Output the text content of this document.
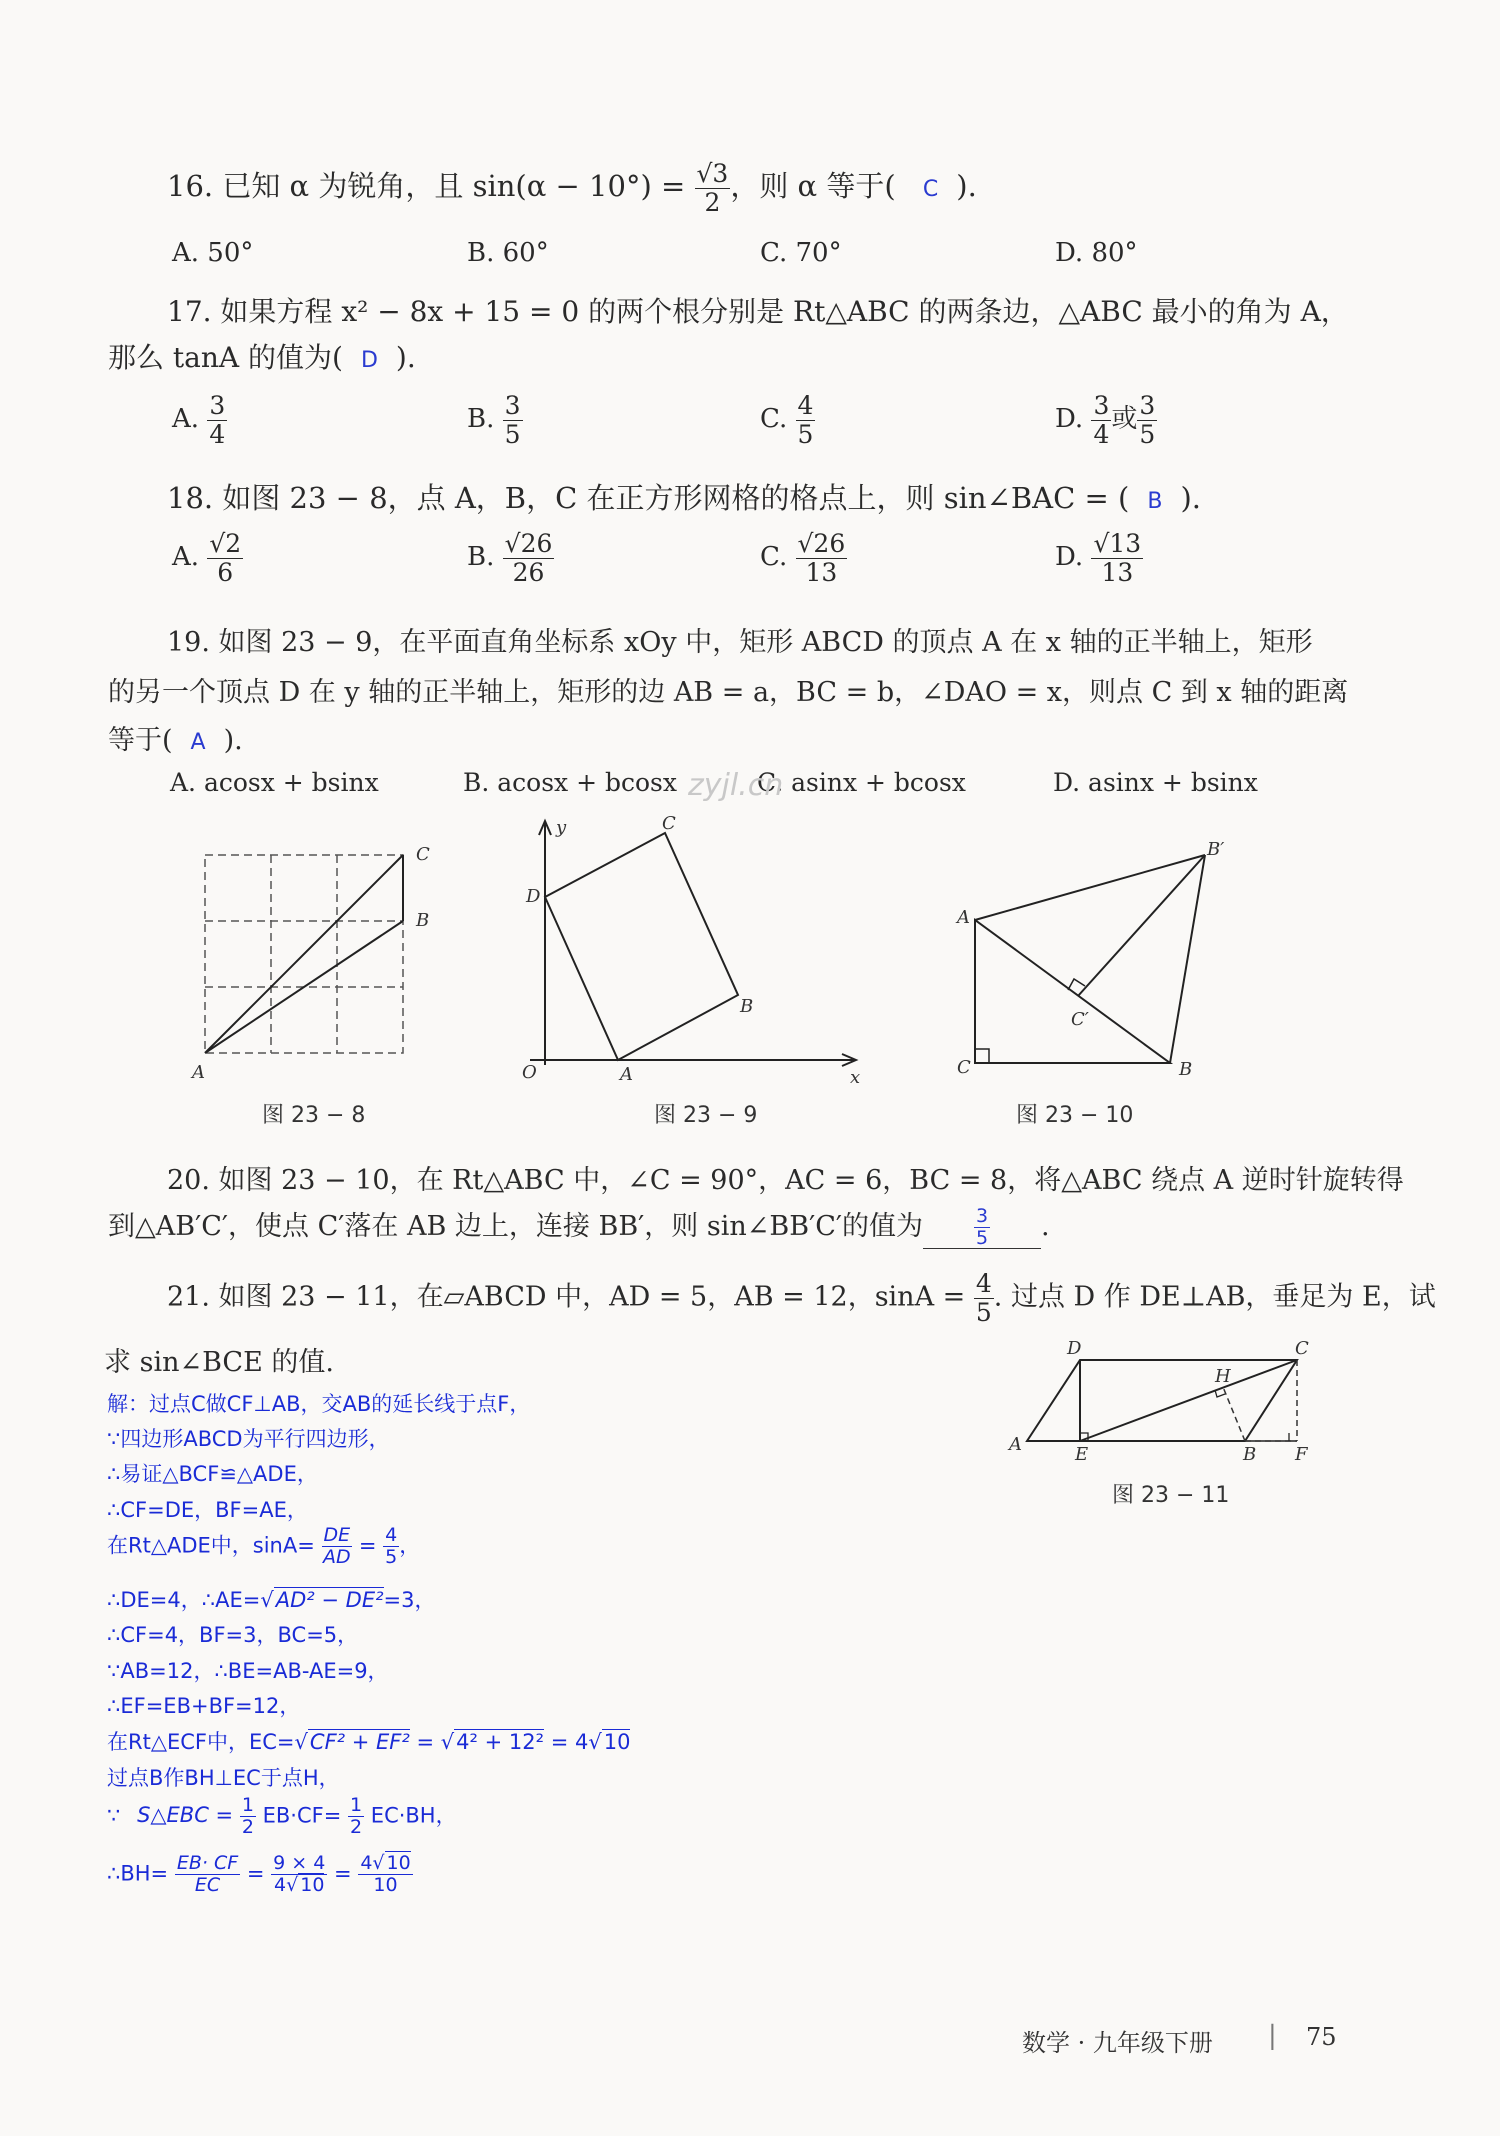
16. 已知 α 为锐角，且 $\sin(\alpha - 10^\circ) = \frac{√3}{2}$ ，则 α 等于( C ).
A. 50°	B. 60°	C. 70°	D. 80°
17. 如果方程 x² − 8x + 15 = 0 的两个根分别是 Rt△ABC 的两条边，△ABC 最小的角为 A，
那么 tanA 的值为( D ).
A. $\frac{3}{4}$	B. $\frac{3}{5}$	C. $\frac{4}{5}$	D. $\frac{3}{4}$ 或 $\frac{3}{5}$
18. 如图 23 − 8，点 A，B，C 在正方形网格的格点上，则 sin∠BAC = ( B ).
A. $\frac{√2}{6}$	B. $\frac{√26}{26}$	C. $\frac{√26}{13}$	D. $\frac{√13}{13}$
19. 如图 23 − 9，在平面直角坐标系 xOy 中，矩形 ABCD 的顶点 A 在 x 轴的正半轴上，矩形
的另一个顶点 D 在 y 轴的正半轴上，矩形的边 AB = a，BC = b，∠DAO = x，则点 C 到 x 轴的距离
等于( A ).
A. acosx + bsinx	B. acosx + bcosx	C. asinx + bcosx	D. asinx + bsinx
zyjl.cn
A
B
C
图 23 − 8
y	C
D
B
O	A	x
图 23 − 9
B′
A
C′
C	B
图 23 − 10
20. 如图 23 − 10，在 Rt△ABC 中，∠C = 90°，AC = 6，BC = 8，将△ABC 绕点 A 逆时针旋转得
到△AB′C′，使点 C′落在 AB 边上，连接 BB′，则 sin∠BB′C′的值为	$\frac{3}{5}$ .
21. 如图 23 − 11，在▱ABCD 中，AD = 5，AB = 12，$\sin A = \frac{4}{5}$ . 过点 D 作 DE⊥AB，垂足为 E，试
求 sin∠BCE 的值.	D	C
H
A	E	B F
图 23 − 11
解：过点C做CF⊥AB，交AB的延长线于点F，
∵四边形ABCD为平行四边形，
∴易证△BCF≌△ADE，
∴CF=DE，BF=AE，
在Rt△ADE中，$\sin A= \frac{DE}{AD} = \frac{4}{5}$ ，
∴DE=4，∴AE=√AD² − DE²=3，
∴CF=4，BF=3，BC=5，
∵AB=12，∴BE=AB-AE=9，
∴EF=EB+BF=12，
在Rt△ECF中，EC=√CF² + EF² = √4² + 12² = 4√10
过点B作BH⊥EC于点H，
∵ S△EBC = $\frac{1}{2} EB\cdot CF= \frac{1}{2} EC\cdot BH$，
∴BH= $\frac{EB\cdot CF}{EC} = \frac{9 \times 4}{4√ 10} = \frac{4√ 10}{10}$
数学 · 九年级下册 | 75
